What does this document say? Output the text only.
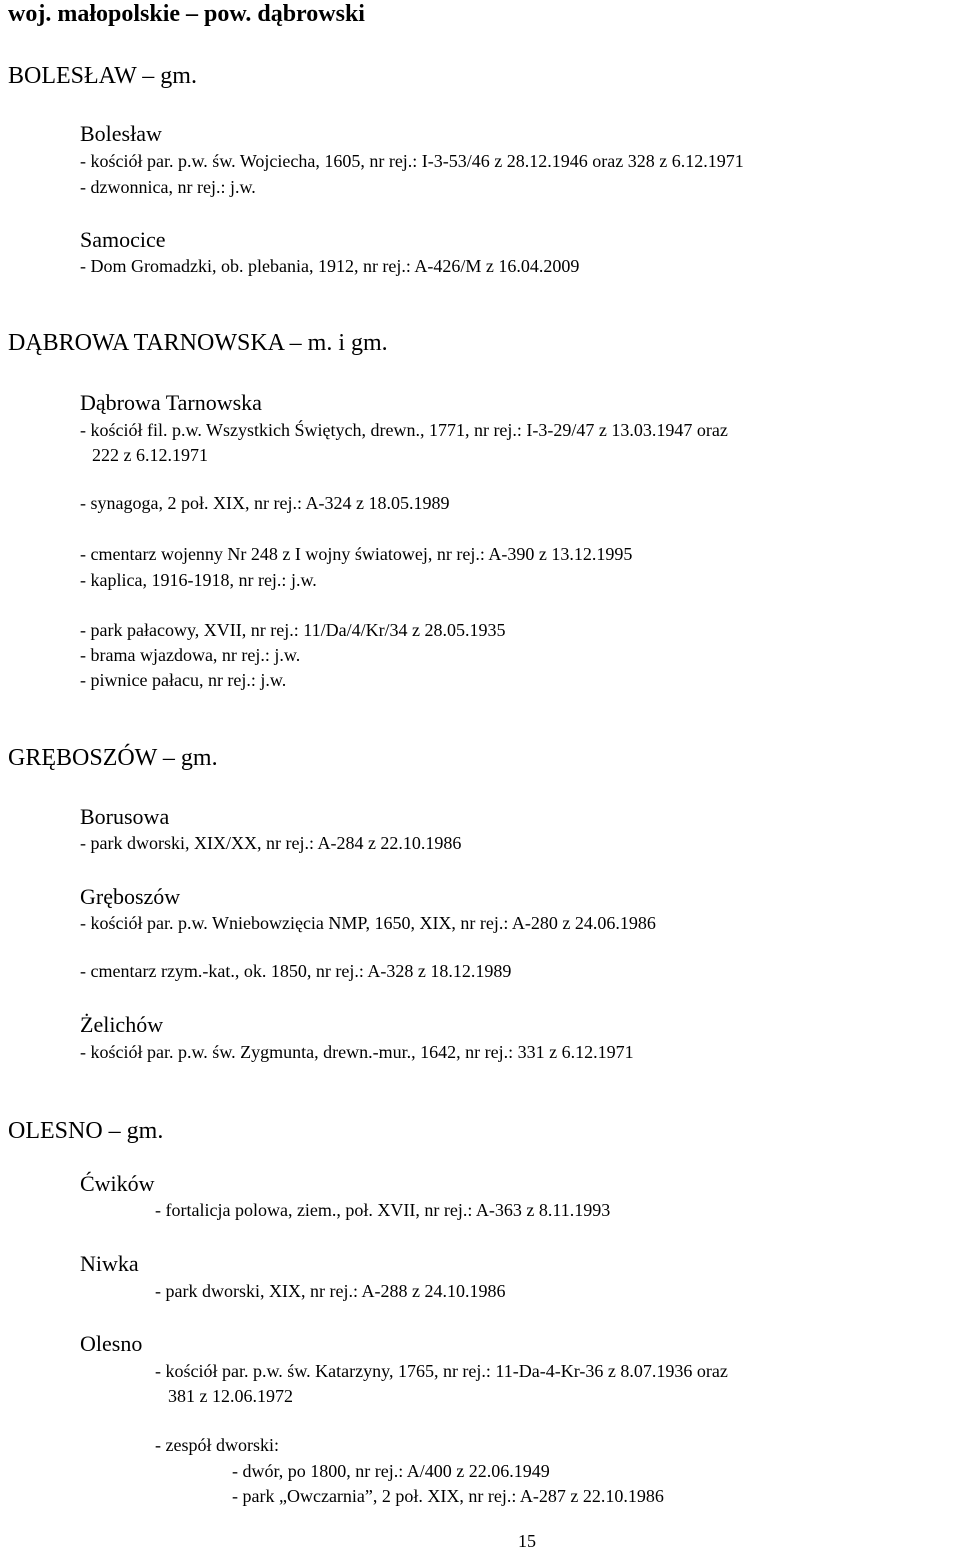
woj. małopolskie – pow. dąbrowski
BOLESŁAW – gm.
Bolesław
- kościół par. p.w. św. Wojciecha, 1605, nr rej.: I-3-53/46 z 28.12.1946 oraz 328 z 6.12.1971
- dzwonnica, nr rej.: j.w.
Samocice
- Dom Gromadzki, ob. plebania, 1912, nr rej.: A-426/M z 16.04.2009
DĄBROWA TARNOWSKA – m. i gm.
Dąbrowa Tarnowska
- kościół fil. p.w. Wszystkich Świętych, drewn., 1771, nr rej.: I-3-29/47 z 13.03.1947 oraz
222 z 6.12.1971
- synagoga, 2 poł. XIX, nr rej.: A-324 z 18.05.1989
- cmentarz wojenny Nr 248 z I wojny światowej, nr rej.: A-390 z 13.12.1995
- kaplica, 1916-1918, nr rej.: j.w.
- park pałacowy, XVII, nr rej.: 11/Da/4/Kr/34 z 28.05.1935
- brama wjazdowa, nr rej.: j.w.
- piwnice pałacu, nr rej.: j.w.
GRĘBOSZÓW – gm.
Borusowa
- park dworski, XIX/XX, nr rej.: A-284 z 22.10.1986
Gręboszów
- kościół par. p.w. Wniebowzięcia NMP, 1650, XIX, nr rej.: A-280 z 24.06.1986
- cmentarz rzym.-kat., ok. 1850, nr rej.: A-328 z 18.12.1989
Żelichów
- kościół par. p.w. św. Zygmunta, drewn.-mur., 1642, nr rej.: 331 z 6.12.1971
OLESNO – gm.
Ćwików
- fortalicja polowa, ziem., poł. XVII, nr rej.: A-363 z 8.11.1993
Niwka
- park dworski, XIX, nr rej.: A-288 z 24.10.1986
Olesno
- kościół par. p.w. św. Katarzyny, 1765, nr rej.: 11-Da-4-Kr-36 z 8.07.1936 oraz
381 z 12.06.1972
- zespół dworski:
- dwór, po 1800, nr rej.: A/400 z 22.06.1949
- park „Owczarnia”, 2 poł. XIX, nr rej.: A-287 z 22.10.1986
15
